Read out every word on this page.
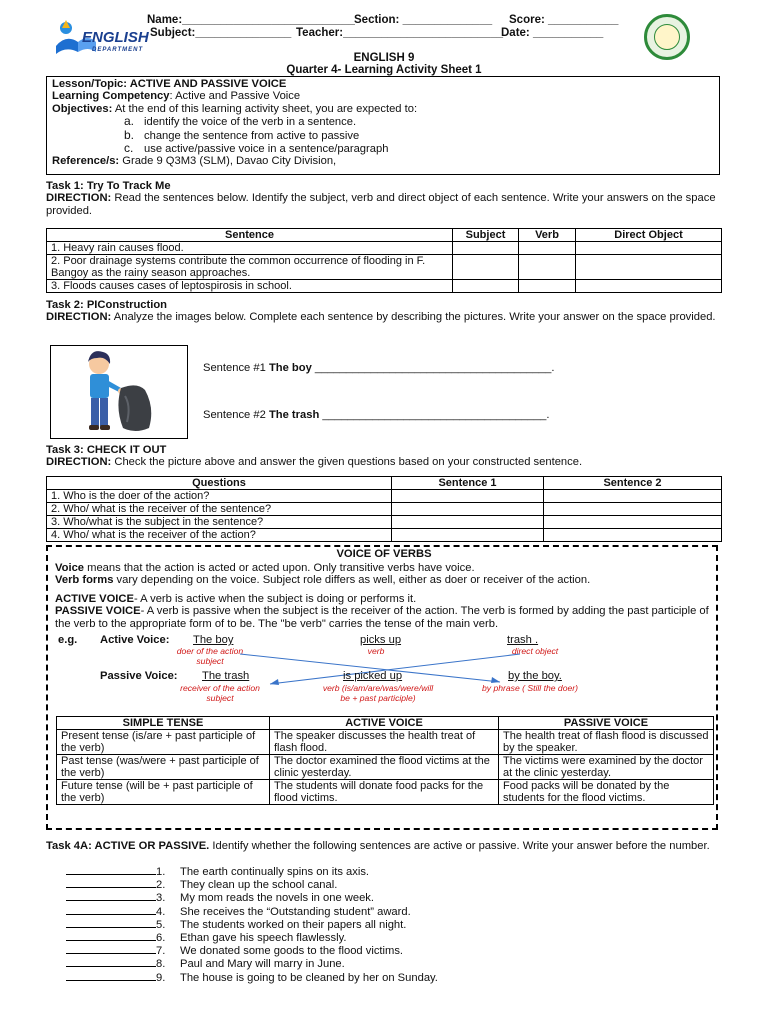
ENGLISH
DEPARTMENT
Name:___________________________ Section: ______________ Score: ___________
Subject:_______________ Teacher:_________________________
Date: ___________
ENGLISH 9
Quarter 4- Learning Activity Sheet 1

Lesson/Topic: ACTIVE AND PASSIVE VOICE

Learning Competency: Active and Passive Voice

Objectives: At the end of this learning activity sheet, you are expected to:

a. identify the voice of the verb in a sentence.

b. change the sentence from active to passive

c. use active/passive voice in a sentence/paragraph

Reference/s: Grade 9 Q3M3 (SLM), Davao City Division,

Task 1: Try To Track Me

DIRECTION: Read the sentences below. Identify the subject, verb and direct object of each sentence. Write your answers on the space provided.

Sentence	Subject	Verb	Direct Object
1. Heavy rain causes flood.			
2. Poor drainage systems contribute the common occurrence of flooding in F. Bangoy as the rainy season approaches.			
3. Floods causes cases of leptospirosis in school.			

Task 2: PIConstruction

DIRECTION: Analyze the images below. Complete each sentence by describing the pictures. Write your answer on the space provided.

Sentence #1 The boy ______________________________________.
Sentence #2 The trash ____________________________________.

Task 3: CHECK IT OUT

DIRECTION: Check the picture above and answer the given questions based on your constructed sentence.

Questions	Sentence 1	Sentence 2
1. Who is the doer of the action?		
2. Who/ what is the receiver of the sentence?		
3. Who/what is the subject in the sentence?		
4. Who/ what is the receiver of the action?		
VOICE OF VERBS

Voice means that the action is acted or acted upon. Only transitive verbs have voice.

Verb forms vary depending on the voice. Subject role differs as well, either as doer or receiver of the action.

ACTIVE VOICE- A verb is active when the subject is doing or performs it.

PASSIVE VOICE- A verb is passive when the subject is the receiver of the action. The verb is formed by adding the past participle of the verb to the appropriate form of to be. The "be verb" carries the tense of the main verb.

e.g. Active Voice: The boy	picks up	trash .
doer of the action subject
verb	direct object
Passive Voice: The trash	is picked up	by the boy.
receiver of the action subject
verb (is/am/are/was/were/will be + past participle)
by phrase ( Still the doer)
SIMPLE TENSE	ACTIVE VOICE	PASSIVE VOICE
Present tense (is/are + past participle of the verb)	The speaker discusses the health treat of flash flood.	The health treat of flash flood is discussed by the speaker.
Past tense (was/were + past participle of the verb)	The doctor examined the flood victims at the clinic yesterday.	The victims were examined by the doctor at the clinic yesterday.
Future tense (will be + past participle of the verb)	The students will donate food packs for the flood victims.	Food packs will be donated by the students for the flood victims.

Task 4A: ACTIVE OR PASSIVE. Identify whether the following sentences are active or passive. Write your answer before the number.

1. The earth continually spins on its axis.
2. They clean up the school canal.
3. My mom reads the novels in one week.
4. She receives the “Outstanding student” award.
5. The students worked on their papers all night.
6. Ethan gave his speech flawlessly.
7. We donated some goods to the flood victims.
8. Paul and Mary will marry in June.
9. The house is going to be cleaned by her on Sunday.
